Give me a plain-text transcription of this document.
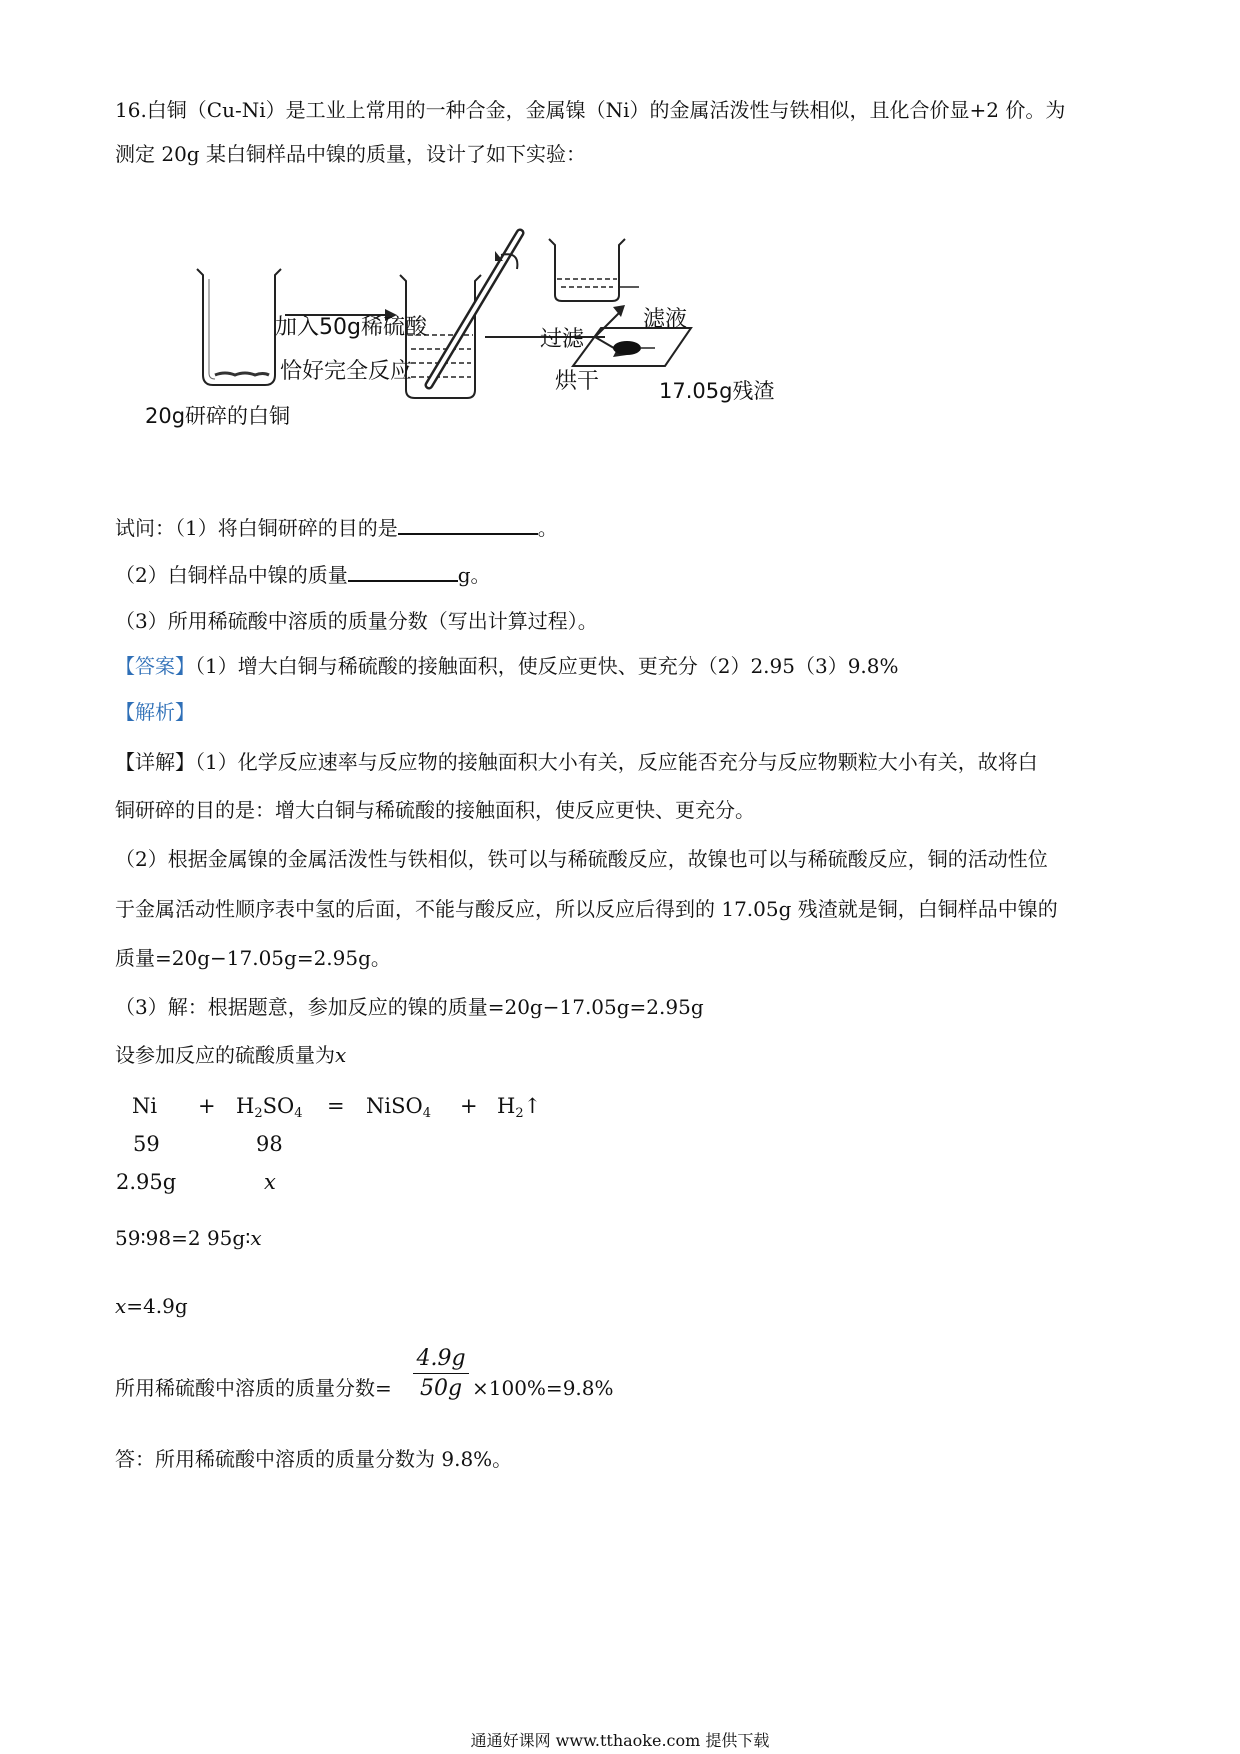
16.白铜（Cu-Ni）是工业上常用的一种合金，金属镍（Ni）的金属活泼性与铁相似，且化合价显+2 价。为
测定 20g 某白铜样品中镍的质量，设计了如下实验：
加入50g稀硫酸
恰好完全反应
20g研碎的白铜
过滤
烘干
滤液
17.05g残渣
试问：（1）将白铜研碎的目的是	。
（2）白铜样品中镍的质量	g。
（3）所用稀硫酸中溶质的质量分数（写出计算过程）。
【答案】（1）增大白铜与稀硫酸的接触面积，使反应更快、更充分（2）2.95（3）9.8%
【解析】
【详解】（1）化学反应速率与反应物的接触面积大小有关，反应能否充分与反应物颗粒大小有关，故将白
铜研碎的目的是：增大白铜与稀硫酸的接触面积，使反应更快、更充分。
（2）根据金属镍的金属活泼性与铁相似，铁可以与稀硫酸反应，故镍也可以与稀硫酸反应，铜的活动性位
于金属活动性顺序表中氢的后面，不能与酸反应，所以反应后得到的 17.05g 残渣就是铜，白铜样品中镍的
质量=20g−17.05g=2.95g。
（3）解：根据题意，参加反应的镍的质量=20g−17.05g=2.95g
设参加反应的硫酸质量为x
$Ni + H_2SO_4$ = NiSO$_4$ + $H_2↑$
59	98
2.95g	x
59∶98=2 95g∶x
x=4.9g
所用稀硫酸中溶质的质量分数= $\frac{4.9g}{50g} \times 100\%=9.8\%$
答：所用稀硫酸中溶质的质量分数为 9.8%。
通通好课网 www.tthaoke.com 提供下载
